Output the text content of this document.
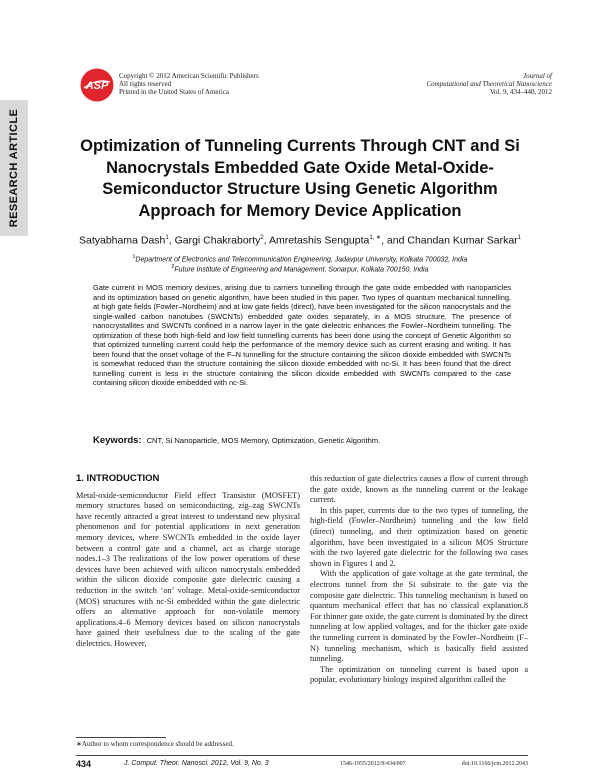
RESEARCH ARTICLE
ASP
Copyright © 2012 American Scientific Publishers
All rights reserved
Printed in the United States of America
Journal of
Computational and Theoretical Nanoscience
Vol. 9, 434–440, 2012
Optimization of Tunneling Currents Through CNT and Si Nanocrystals Embedded Gate Oxide Metal-Oxide-Semiconductor Structure Using Genetic Algorithm Approach for Memory Device Application
Satyabhama Dash$^1$, Gargi Chakraborty$^2$, Amretashis Sengupta$^{1, ∗}$, and Chandan Kumar Sarkar$^1$
$^1$Department of Electronics and Telecommunication Engineering, Jadavpur University, Kolkata 700032, India
$^2$Future Institute of Engineering and Management, Sonarpur, Kolkata 700150, India

Gate current in MOS memory devices, arising due to carriers tunnelling through the gate oxide embedded with nanoparticles and its optimization based on genetic algorithm, have been studied in this paper. Two types of quantum mechanical tunnelling, at high gate fields (Fowler–Nordheim) and at low gate fields (direct), have been investigated for the silicon nanocrystals and the single-walled carbon nanotubes (SWCNTs) embedded gate oxides separately, in a MOS structure. The presence of nanocrystallites and SWCNTs confined in a narrow layer in the gate dielectric enhances the Fowler–Nordheim tunnelling. The optimization of these both high-field and low field tunnelling currents has been done using the concept of Genetic Algorithm so that optimized tunnelling current could help the performance of the memory device such as current erasing and writing. It has been found that the onset voltage of the F–N tunnelling for the structure containing the silicon dioxide embedded with SWCNTs is somewhat reduced than the structure containing the silicon dioxide embedded with nc-Si. It has been found that the direct tunnelling current is less in the structure containing the silicon dioxide embedded with SWCNTs compared to the case containing silicon dioxide embedded with nc-Si.

Keywords: CNT, Si Nanoparticle, MOS Memory, Optimization, Genetic Algorithm.
1. INTRODUCTION

Metal-oxide-semiconductor Field effect Transistor (MOSFET) memory structures based on semiconducting, zig–zag SWCNTs have recently attracted a great interest to understand new physical phenomenon and for potential applications in next generation memory devices, where SWCNTs embedded in the oxide layer between a control gate and a channel, act as charge storage nodes.1–3 The realizations of the low power operations of these devices have been achieved with silicon nanocrystals embedded within the silicon dioxide composite gate dielectric causing a reduction in the switch ‘on’ voltage. Metal-oxide-semiconductor (MOS) structures with nc-Si embedded within the gate dielectric offers an alternative approach for non-volatile memory applications.4–6 Memory devices based on silicon nanocrystals have gained their usefulness due to the scaling of the gate dielectrics. However,

this reduction of gate dielectrics causes a flow of current through the gate oxide, known as the tunneling current or the leakage current.

In this paper, currents due to the two types of tunneling, the high-field (Fowler–Nordheim) tunneling and the low field (direct) tunneling, and their optimization based on genetic algorithm, have been investigated in a silicon MOS Structure with the two layered gate dielectric for the following two cases shown in Figures 1 and 2.

With the application of gate voltage at the gate terminal, the electrons tunnel from the Si substrate to the gate via the composite gate dielectric. This tunneling mechanism is based on quantum mechanical effect that has no classical explanation.8 For thinner gate oxide, the gate current is dominated by the direct tunneling at low applied voltages, and for the thicker gate oxide the tunneling current is dominated by the Fowler–Nordheim (F–N) tunneling mechanism, which is basically field assisted tunneling.

The optimization on tunneling current is based upon a popular, evolutionary biology inspired algorithm called the

∗Author to whom correspondence should be addressed.
434	J. Comput. Theor. Nanosci. 2012, Vol. 9, No. 3	1546-1955/2012/9/434/007	doi:10.1166/jctn.2012.2043
